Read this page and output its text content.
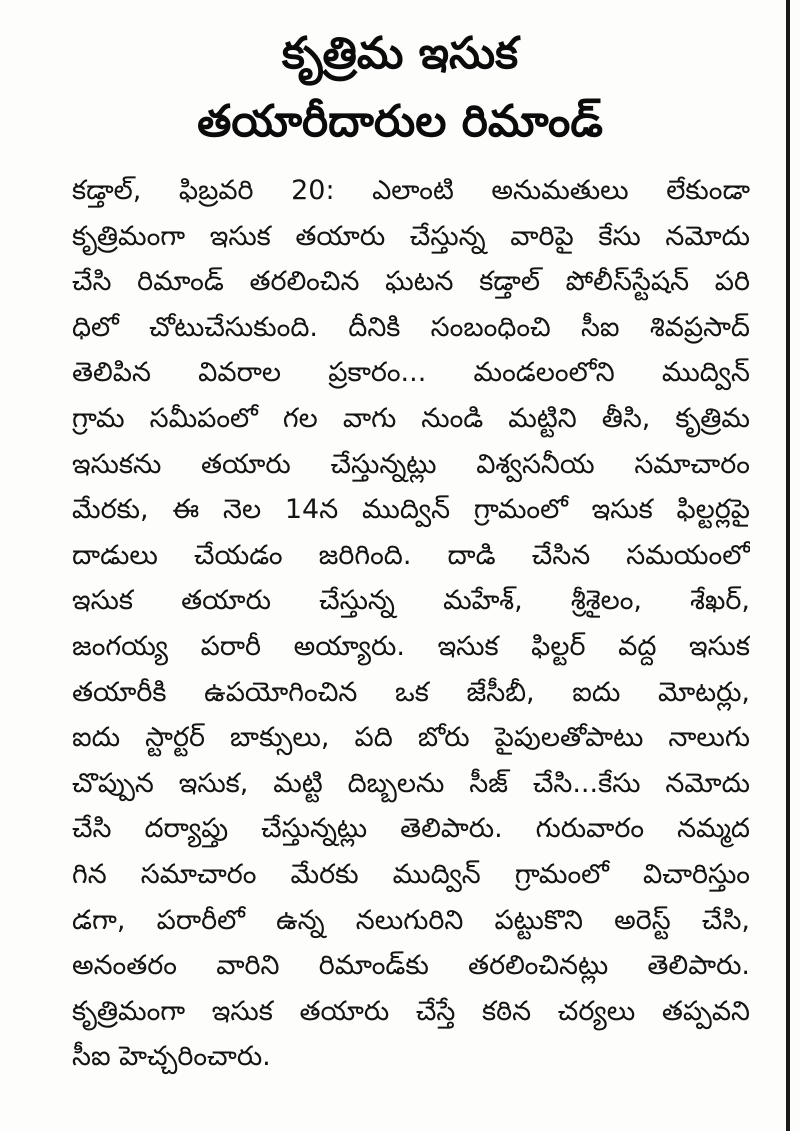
కృత్రిమ ఇసుక
తయారీదారుల రిమాండ్
కడ్తాల్, ఫిబ్రవరి 20: ఎలాంటి అనుమతులు లేకుండా
కృత్రిమంగా ఇసుక తయారు చేస్తున్న వారిపై కేసు నమోదు
చేసి రిమాండ్ తరలించిన ఘటన కడ్తాల్ పోలీస్‌స్టేషన్ పరి
ధిలో చోటుచేసుకుంది. దీనికి సంబంధించి సీఐ శివప్రసాద్
తెలిపిన వివరాల ప్రకారం... మండలంలోని ముద్విన్
గ్రామ సమీపంలో గల వాగు నుండి మట్టిని తీసి, కృత్రిమ
ఇసుకను తయారు చేస్తున్నట్లు విశ్వసనీయ సమాచారం
మేరకు, ఈ నెల 14న ముద్విన్ గ్రామంలో ఇసుక ఫిల్టర్లపై
దాడులు చేయడం జరిగింది. దాడి చేసిన సమయంలో
ఇసుక తయారు చేస్తున్న మహేశ్, శ్రీశైలం, శేఖర్,
జంగయ్య పరారీ అయ్యారు. ఇసుక ఫిల్టర్ వద్ద ఇసుక
తయారీకి ఉపయోగించిన ఒక జేసీబీ, ఐదు మోటర్లు,
ఐదు స్టార్టర్ బాక్సులు, పది బోరు పైపులతోపాటు నాలుగు
చొప్పున ఇసుక, మట్టి దిబ్బలను సీజ్ చేసి...కేసు నమోదు
చేసి దర్యాప్తు చేస్తున్నట్లు తెలిపారు. గురువారం నమ్మద
గిన సమాచారం మేరకు ముద్విన్ గ్రామంలో విచారిస్తుం
డగా, పరారీలో ఉన్న నలుగురిని పట్టుకొని అరెస్ట్ చేసి,
అనంతరం వారిని రిమాండ్‌కు తరలించినట్లు తెలిపారు.
కృత్రిమంగా ఇసుక తయారు చేస్తే కఠిన చర్యలు తప్పవని
సీఐ హెచ్చరించారు.
